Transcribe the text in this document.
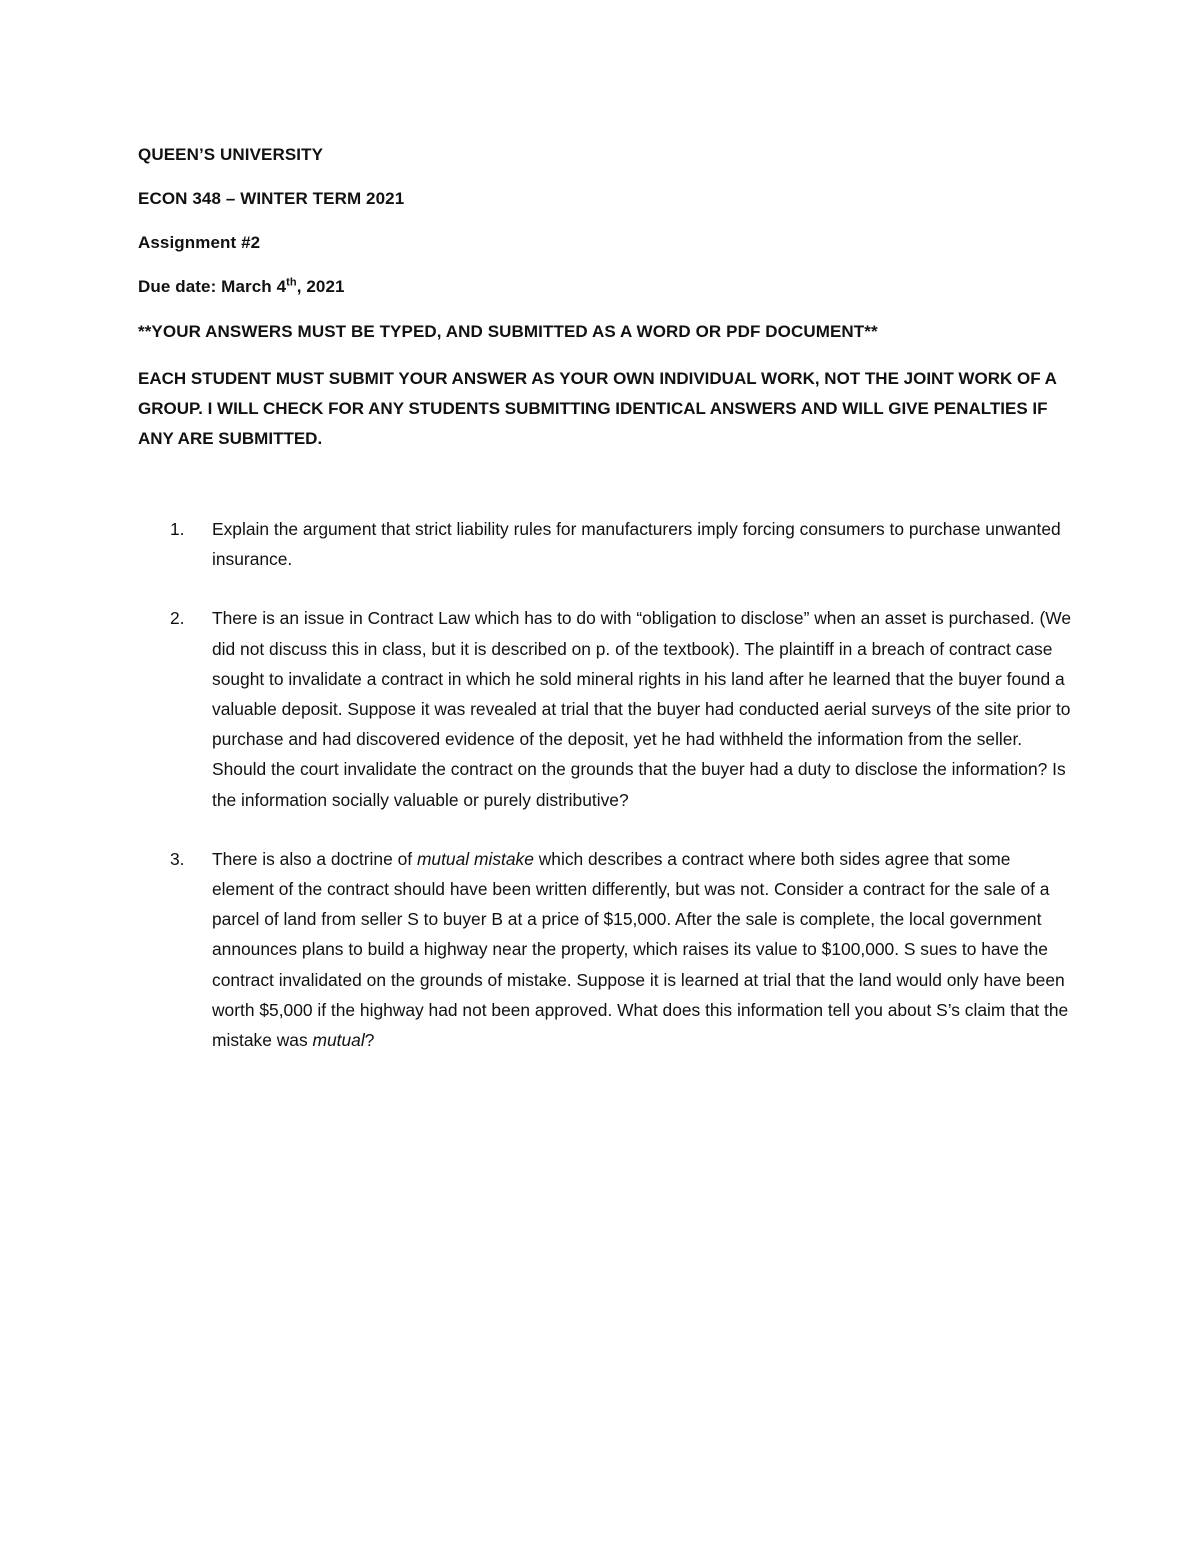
QUEEN’S UNIVERSITY
ECON 348 – WINTER TERM 2021
Assignment #2
Due date: March 4th, 2021
**YOUR ANSWERS MUST BE TYPED, AND SUBMITTED AS A WORD OR PDF DOCUMENT**
EACH STUDENT MUST SUBMIT YOUR ANSWER AS YOUR OWN INDIVIDUAL WORK, NOT THE JOINT WORK OF A GROUP. I WILL CHECK FOR ANY STUDENTS SUBMITTING IDENTICAL ANSWERS AND WILL GIVE PENALTIES IF ANY ARE SUBMITTED.
1. Explain the argument that strict liability rules for manufacturers imply forcing consumers to purchase unwanted insurance.
2. There is an issue in Contract Law which has to do with “obligation to disclose” when an asset is purchased. (We did not discuss this in class, but it is described on p. of the textbook). The plaintiff in a breach of contract case sought to invalidate a contract in which he sold mineral rights in his land after he learned that the buyer found a valuable deposit. Suppose it was revealed at trial that the buyer had conducted aerial surveys of the site prior to purchase and had discovered evidence of the deposit, yet he had withheld the information from the seller. Should the court invalidate the contract on the grounds that the buyer had a duty to disclose the information? Is the information socially valuable or purely distributive?
3. There is also a doctrine of mutual mistake which describes a contract where both sides agree that some element of the contract should have been written differently, but was not. Consider a contract for the sale of a parcel of land from seller S to buyer B at a price of $15,000. After the sale is complete, the local government announces plans to build a highway near the property, which raises its value to $100,000. S sues to have the contract invalidated on the grounds of mistake. Suppose it is learned at trial that the land would only have been worth $5,000 if the highway had not been approved. What does this information tell you about S’s claim that the mistake was mutual?
